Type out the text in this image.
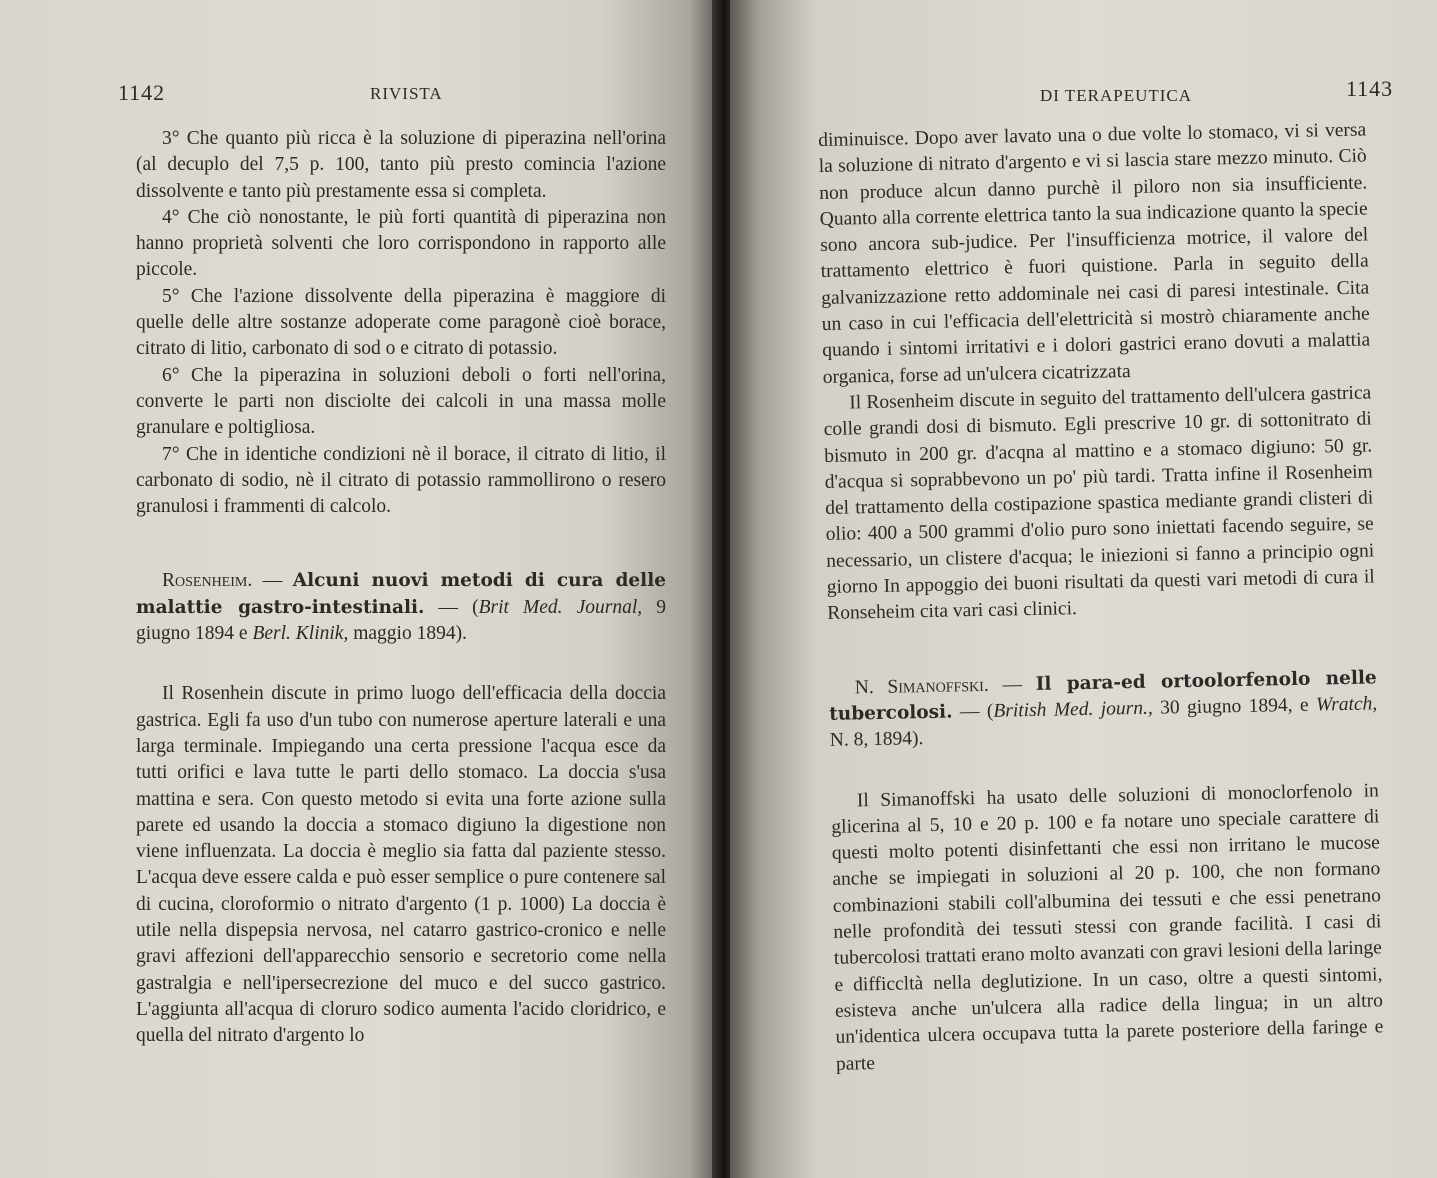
1142	RIVISTA

3° Che quanto più ricca è la soluzione di piperazina nell'orina (al decuplo del 7,5 p. 100, tanto più presto comincia l'azione dissolvente e tanto più prestamente essa si completa.

4° Che ciò nonostante, le più forti quantità di piperazina non hanno proprietà solventi che loro corrispondono in rapporto alle piccole.

5° Che l'azione dissolvente della piperazina è maggiore di quelle delle altre sostanze adoperate come paragonè cioè borace, citrato di litio, carbonato di sod o e citrato di potassio.

6° Che la piperazina in soluzioni deboli o forti nell'orina, converte le parti non disciolte dei calcoli in una massa molle granulare e poltigliosa.

7° Che in identiche condizioni nè il borace, il citrato di litio, il carbonato di sodio, nè il citrato di potassio rammollirono o resero granulosi i frammenti di calcolo.

Rosenheim. — Alcuni nuovi metodi di cura delle malattie gastro-intestinali. — (Brit Med. Journal, 9 giugno 1894 e Berl. Klinik, maggio 1894).

Il Rosenhein discute in primo luogo dell'efficacia della doccia gastrica. Egli fa uso d'un tubo con numerose aperture laterali e una larga terminale. Impiegando una certa pressione l'acqua esce da tutti orifici e lava tutte le parti dello stomaco. La doccia s'usa mattina e sera. Con questo metodo si evita una forte azione sulla parete ed usando la doccia a stomaco digiuno la digestione non viene influenzata. La doccia è meglio sia fatta dal paziente stesso. L'acqua deve essere calda e può esser semplice o pure contenere sal di cucina, cloroformio o nitrato d'argento (1 p. 1000) La doccia è utile nella dispepsia nervosa, nel catarro gastrico-cronico e nelle gravi affezioni dell'apparecchio sensorio e secretorio come nella gastralgia e nell'ipersecrezione del muco e del succo gastrico. L'aggiunta all'acqua di cloruro sodico aumenta l'acido cloridrico, e quella del nitrato d'argento lo

DI TERAPEUTICA	1143

diminuisce. Dopo aver lavato una o due volte lo stomaco, vi si versa la soluzione di nitrato d'argento e vi si lascia stare mezzo minuto. Ciò non produce alcun danno purchè il piloro non sia insufficiente. Quanto alla corrente elettrica tanto la sua indicazione quanto la specie sono ancora sub-judice. Per l'insufficienza motrice, il valore del trattamento elettrico è fuori quistione. Parla in seguito della galvanizzazione retto addominale nei casi di paresi intestinale. Cita un caso in cui l'efficacia dell'elettricità si mostrò chiaramente anche quando i sintomi irritativi e i dolori gastrici erano dovuti a malattia organica, forse ad un'ulcera cicatrizzata

Il Rosenheim discute in seguito del trattamento dell'ulcera gastrica colle grandi dosi di bismuto. Egli prescrive 10 gr. di sottonitrato di bismuto in 200 gr. d'acqna al mattino e a stomaco digiuno: 50 gr. d'acqua si soprabbevono un po' più tardi. Tratta infine il Rosenheim del trattamento della costipazione spastica mediante grandi clisteri di olio: 400 a 500 grammi d'olio puro sono iniettati facendo seguire, se necessario, un clistere d'acqua; le iniezioni si fanno a principio ogni giorno In appoggio dei buoni risultati da questi vari metodi di cura il Ronseheim cita vari casi clinici.

N. Simanoffski. — Il para-ed ortoolorfenolo nelle tubercolosi. — (British Med. journ., 30 giugno 1894, e Wratch, N. 8, 1894).

Il Simanoffski ha usato delle soluzioni di monoclorfenolo in glicerina al 5, 10 e 20 p. 100 e fa notare uno speciale carattere di questi molto potenti disinfettanti che essi non irritano le mucose anche se impiegati in soluzioni al 20 p. 100, che non formano combinazioni stabili coll'albumina dei tessuti e che essi penetrano nelle profondità dei tessuti stessi con grande facilità. I casi di tubercolosi trattati erano molto avanzati con gravi lesioni della laringe e difficcltà nella deglutizione. In un caso, oltre a questi sintomi, esisteva anche un'ulcera alla radice della lingua; in un altro un'identica ulcera occupava tutta la parete posteriore della faringe e parte
